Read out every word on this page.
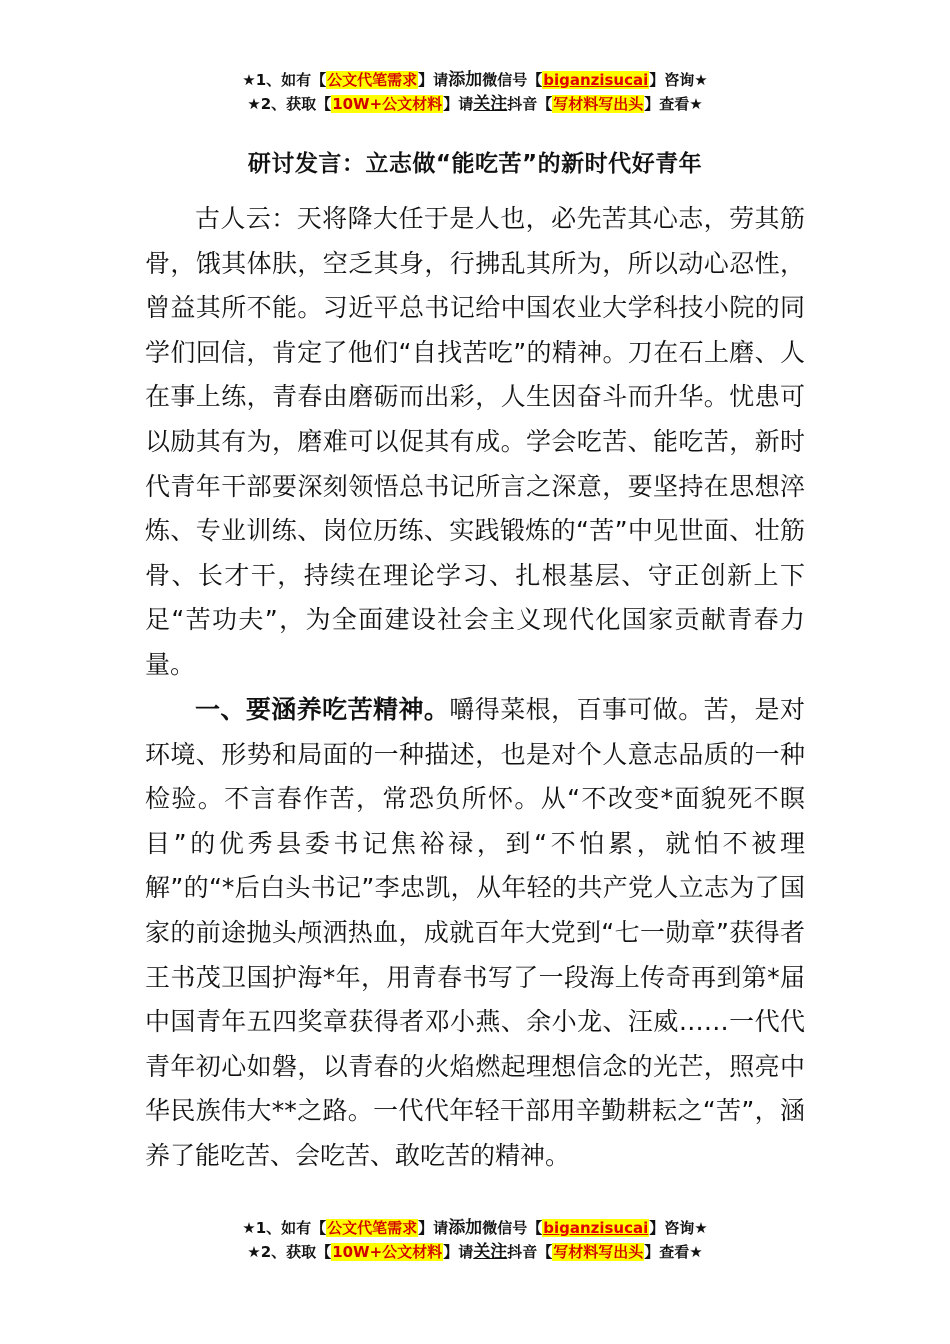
★1、如有【公文代笔需求】请添加微信号【biganzisucai】咨询★
★2、获取【10W+公文材料】请关注抖音【写材料写出头】查看★
研讨发言：立志做“能吃苦”的新时代好青年

古人云：天将降大任于是人也，必先苦其心志，劳其筋骨，饿其体肤，空乏其身，行拂乱其所为，所以动心忍性，曾益其所不能。习近平总书记给中国农业大学科技小院的同学们回信，肯定了他们“自找苦吃”的精神。刀在石上磨、人在事上练，青春由磨砺而出彩，人生因奋斗而升华。忧患可以励其有为，磨难可以促其有成。学会吃苦、能吃苦，新时代青年干部要深刻领悟总书记所言之深意，要坚持在思想淬炼、专业训练、岗位历练、实践锻炼的“苦”中见世面、壮筋骨、长才干，持续在理论学习、扎根基层、守正创新上下足“苦功夫”，为全面建设社会主义现代化国家贡献青春力量。

一、要涵养吃苦精神。嚼得菜根，百事可做。苦，是对环境、形势和局面的一种描述，也是对个人意志品质的一种检验。不言春作苦，常恐负所怀。从“不改变*面貌死不瞑目”的优秀县委书记焦裕禄，到“不怕累，就怕不被理解”的“*后白头书记”李忠凯，从年轻的共产党人立志为了国家的前途抛头颅洒热血，成就百年大党到“七一勋章”获得者王书茂卫国护海*年，用青春书写了一段海上传奇再到第*届中国青年五四奖章获得者邓小燕、余小龙、汪威……一代代青年初心如磐，以青春的火焰燃起理想信念的光芒，照亮中华民族伟大**之路。一代代年轻干部用辛勤耕耘之“苦”，涵养了能吃苦、会吃苦、敢吃苦的精神。

★1、如有【公文代笔需求】请添加微信号【biganzisucai】咨询★
★2、获取【10W+公文材料】请关注抖音【写材料写出头】查看★
